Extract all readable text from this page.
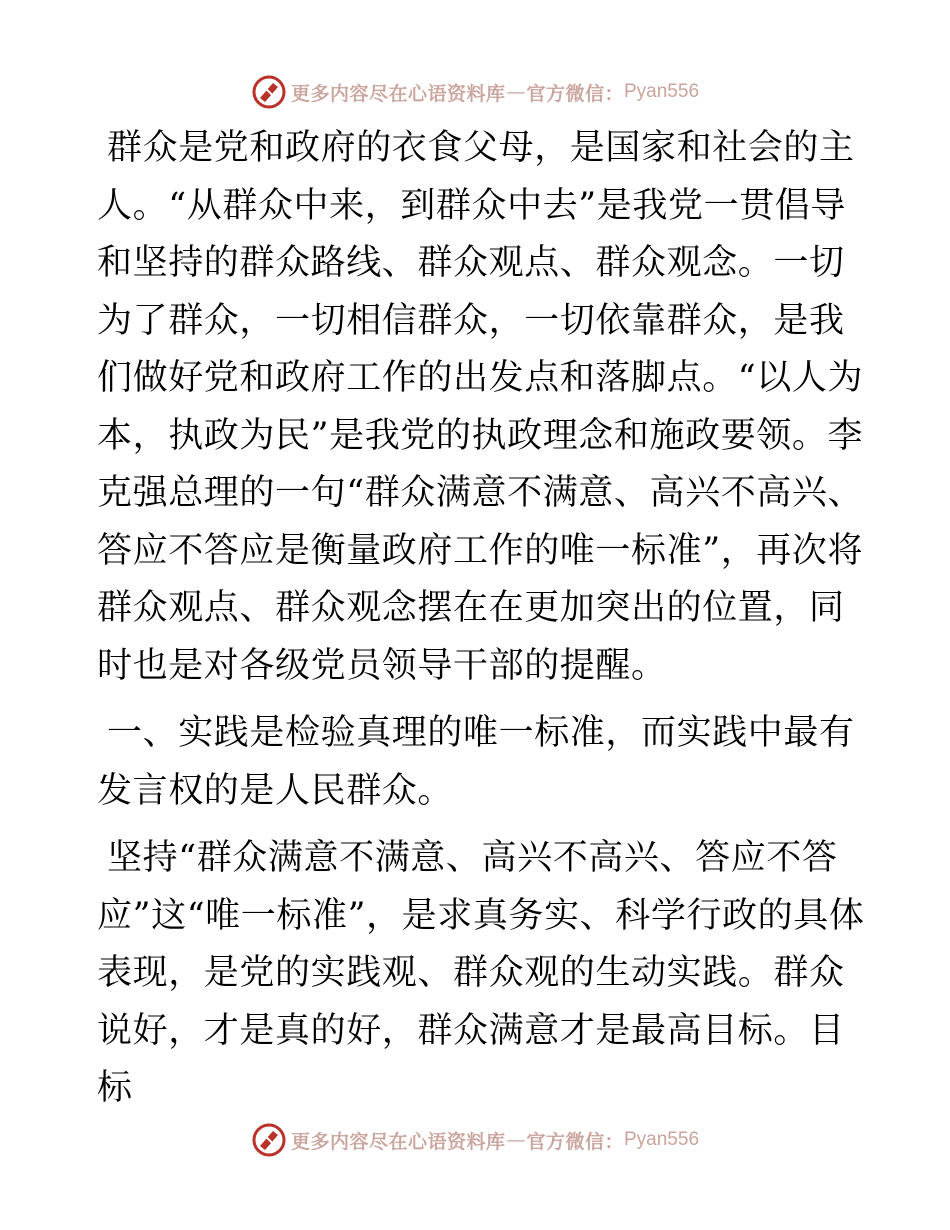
更多内容尽在心语资料库 — 官方微信： Pyan556

群众是党和政府的衣食父母，是国家和社会的主人。“从群众中来，到群众中去”是我党一贯倡导和坚持的群众路线、群众观点、群众观念。一切为了群众，一切相信群众，一切依靠群众，是我们做好党和政府工作的出发点和落脚点。“以人为本，执政为民”是我党的执政理念和施政要领。李克强总理的一句“群众满意不满意、高兴不高兴、答应不答应是衡量政府工作的唯一标准”，再次将群众观点、群众观念摆在在更加突出的位置，同时也是对各级党员领导干部的提醒。

一、实践是检验真理的唯一标准，而实践中最有发言权的是人民群众。

坚持“群众满意不满意、高兴不高兴、答应不答应”这“唯一标准”，是求真务实、科学行政的具体表现，是党的实践观、群众观的生动实践。群众说好，才是真的好，群众满意才是最高目标。目标

更多内容尽在心语资料库 — 官方微信： Pyan556
